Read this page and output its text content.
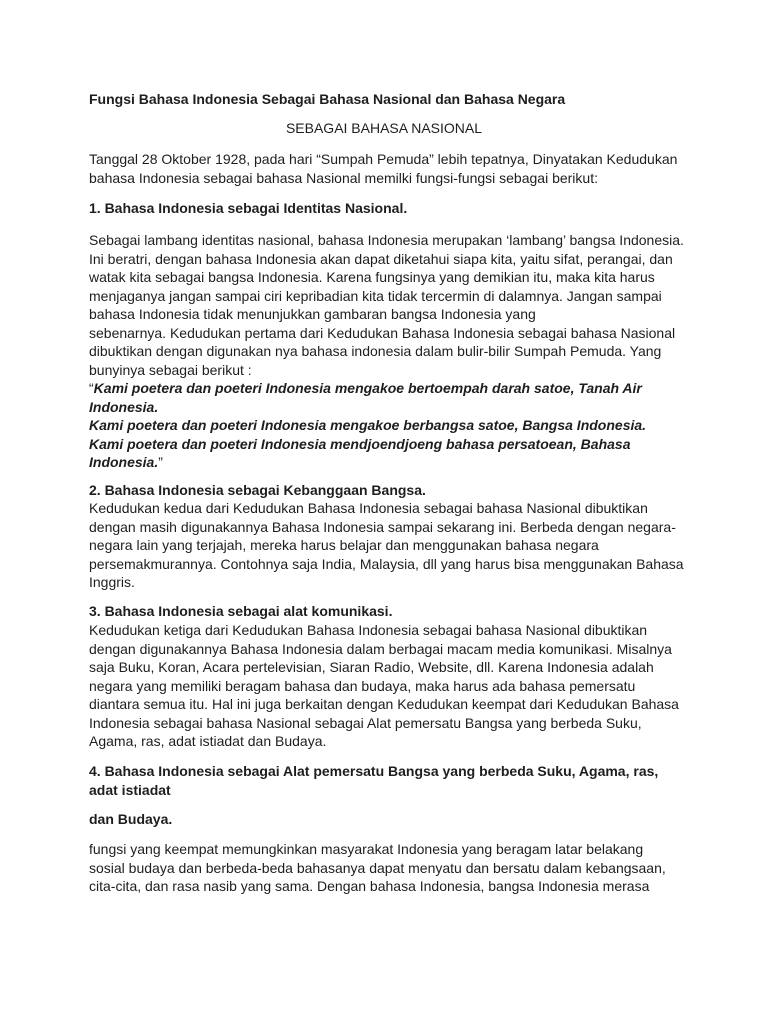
Fungsi Bahasa Indonesia Sebagai Bahasa Nasional dan Bahasa Negara
SEBAGAI BAHASA NASIONAL
Tanggal 28 Oktober 1928, pada hari “Sumpah Pemuda” lebih tepatnya, Dinyatakan Kedudukan
bahasa Indonesia sebagai bahasa Nasional memilki fungsi-fungsi sebagai berikut:
1. Bahasa Indonesia sebagai Identitas Nasional.
Sebagai lambang identitas nasional, bahasa Indonesia merupakan ‘lambang’ bangsa Indonesia.
Ini beratri, dengan bahasa Indonesia akan dapat diketahui siapa kita, yaitu sifat, perangai, dan
watak kita sebagai bangsa Indonesia. Karena fungsinya yang demikian itu, maka kita harus
menjaganya jangan sampai ciri kepribadian kita tidak tercermin di dalamnya. Jangan sampai
bahasa Indonesia tidak menunjukkan gambaran bangsa Indonesia yang
sebenarnya. Kedudukan pertama dari Kedudukan Bahasa Indonesia sebagai bahasa Nasional
dibuktikan dengan digunakan nya bahasa indonesia dalam bulir-bilir Sumpah Pemuda. Yang
bunyinya sebagai berikut :
“Kami poetera dan poeteri Indonesia mengakoe bertoempah darah satoe, Tanah Air
Indonesia.
Kami poetera dan poeteri Indonesia mengakoe berbangsa satoe, Bangsa Indonesia.
Kami poetera dan poeteri Indonesia mendjoendjoeng bahasa persatoean, Bahasa
Indonesia.”
2. Bahasa Indonesia sebagai Kebanggaan Bangsa.
Kedudukan kedua dari Kedudukan Bahasa Indonesia sebagai bahasa Nasional dibuktikan
dengan masih digunakannya Bahasa Indonesia sampai sekarang ini. Berbeda dengan negara-
negara lain yang terjajah, mereka harus belajar dan menggunakan bahasa negara
persemakmurannya. Contohnya saja India, Malaysia, dll yang harus bisa menggunakan Bahasa
Inggris.
3. Bahasa Indonesia sebagai alat komunikasi.
Kedudukan ketiga dari Kedudukan Bahasa Indonesia sebagai bahasa Nasional dibuktikan
dengan digunakannya Bahasa Indonesia dalam berbagai macam media komunikasi. Misalnya
saja Buku, Koran, Acara pertelevisian, Siaran Radio, Website, dll. Karena Indonesia adalah
negara yang memiliki beragam bahasa dan budaya, maka harus ada bahasa pemersatu
diantara semua itu. Hal ini juga berkaitan dengan Kedudukan keempat dari Kedudukan Bahasa
Indonesia sebagai bahasa Nasional sebagai Alat pemersatu Bangsa yang berbeda Suku,
Agama, ras, adat istiadat dan Budaya.
4. Bahasa Indonesia sebagai Alat pemersatu Bangsa yang berbeda Suku, Agama, ras,
adat istiadat
dan Budaya.
fungsi yang keempat memungkinkan masyarakat Indonesia yang beragam latar belakang
sosial budaya dan berbeda-beda bahasanya dapat menyatu dan bersatu dalam kebangsaan,
cita-cita, dan rasa nasib yang sama. Dengan bahasa Indonesia, bangsa Indonesia merasa
